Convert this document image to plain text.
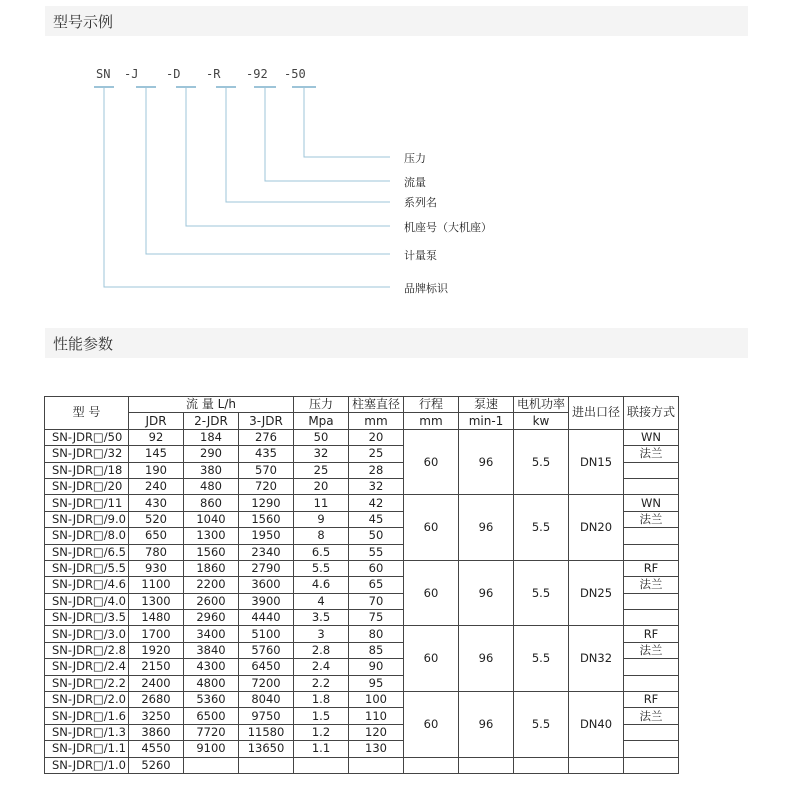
型号示例
SN -J -D -R -92 -50
压力
流量
系列名
机座号（大机座）
计量泵
品牌标识
性能参数
型 号	流 量 L/h			压力	柱塞直径	行程	泵速	电机功率	进出口径	联接方式
	JDR	2-JDR	3-JDR	Mpa	mm	mm	min-1	kw		
SN-JDR□/50	92	184	276	50	20	60	96	5.5	DN15	WN
SN-JDR□/32	145	290	435	32	25					法兰
SN-JDR□/18	190	380	570	25	28					
SN-JDR□/20	240	480	720	20	32					
SN-JDR□/11	430	860	1290	11	42	60	96	5.5	DN20	WN
SN-JDR□/9.0	520	1040	1560	9	45					法兰
SN-JDR□/8.0	650	1300	1950	8	50					
SN-JDR□/6.5	780	1560	2340	6.5	55					
SN-JDR□/5.5	930	1860	2790	5.5	60	60	96	5.5	DN25	RF
SN-JDR□/4.6	1100	2200	3600	4.6	65					法兰
SN-JDR□/4.0	1300	2600	3900	4	70					
SN-JDR□/3.5	1480	2960	4440	3.5	75					
SN-JDR□/3.0	1700	3400	5100	3	80	60	96	5.5	DN32	RF
SN-JDR□/2.8	1920	3840	5760	2.8	85					法兰
SN-JDR□/2.4	2150	4300	6450	2.4	90					
SN-JDR□/2.2	2400	4800	7200	2.2	95					
SN-JDR□/2.0	2680	5360	8040	1.8	100	60	96	5.5	DN40	RF
SN-JDR□/1.6	3250	6500	9750	1.5	110					法兰
SN-JDR□/1.3	3860	7720	11580	1.2	120					
SN-JDR□/1.1	4550	9100	13650	1.1	130					
SN-JDR□/1.0	5260									
